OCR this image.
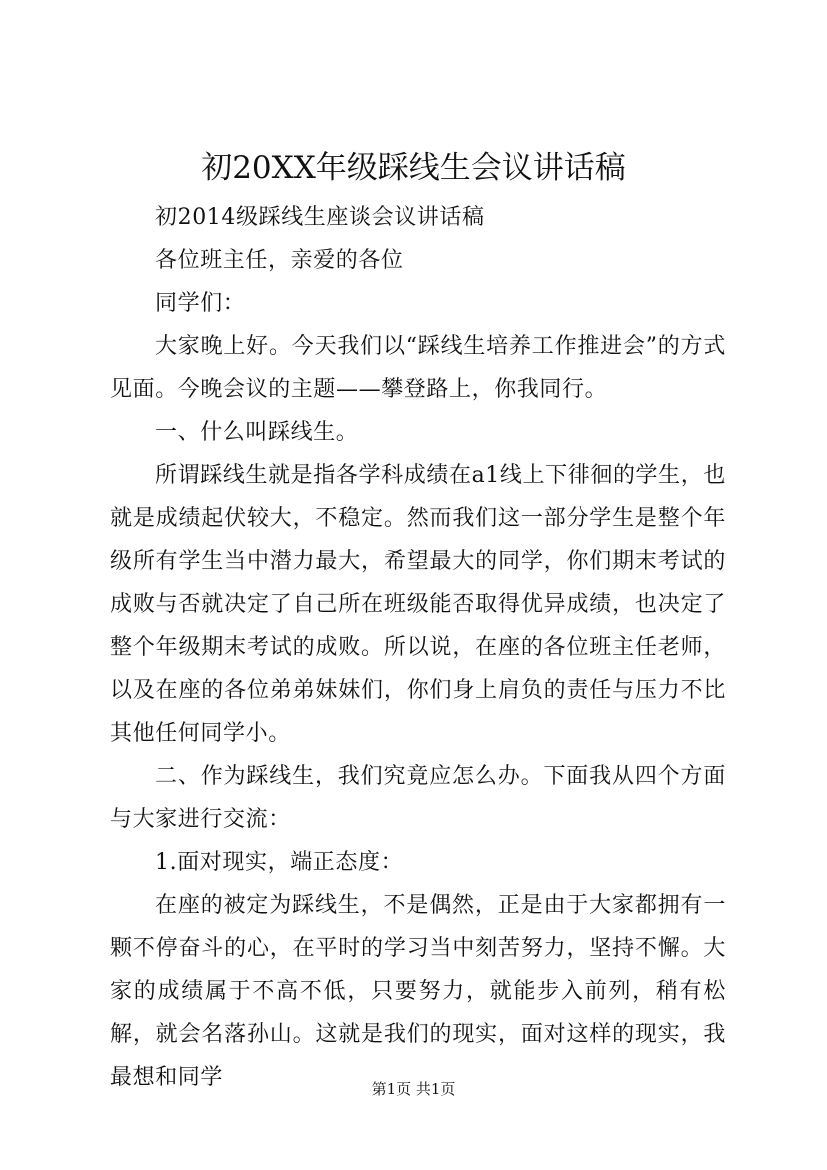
初20XX年级踩线生会议讲话稿

初2014级踩线生座谈会议讲话稿

各位班主任，亲爱的各位

同学们：

大家晚上好。今天我们以“踩线生培养工作推进会”的方式见面。今晚会议的主题——攀登路上，你我同行。

一、什么叫踩线生。

所谓踩线生就是指各学科成绩在a1线上下徘徊的学生，也就是成绩起伏较大，不稳定。然而我们这一部分学生是整个年级所有学生当中潜力最大，希望最大的同学，你们期末考试的成败与否就决定了自己所在班级能否取得优异成绩，也决定了整个年级期末考试的成败。所以说，在座的各位班主任老师，以及在座的各位弟弟妹妹们，你们身上肩负的责任与压力不比其他任何同学小。

二、作为踩线生，我们究竟应怎么办。下面我从四个方面与大家进行交流：

1.面对现实，端正态度：

在座的被定为踩线生，不是偶然，正是由于大家都拥有一颗不停奋斗的心，在平时的学习当中刻苦努力，坚持不懈。大家的成绩属于不高不低，只要努力，就能步入前列，稍有松解，就会名落孙山。这就是我们的现实，面对这样的现实，我最想和同学	第1页 共1页
